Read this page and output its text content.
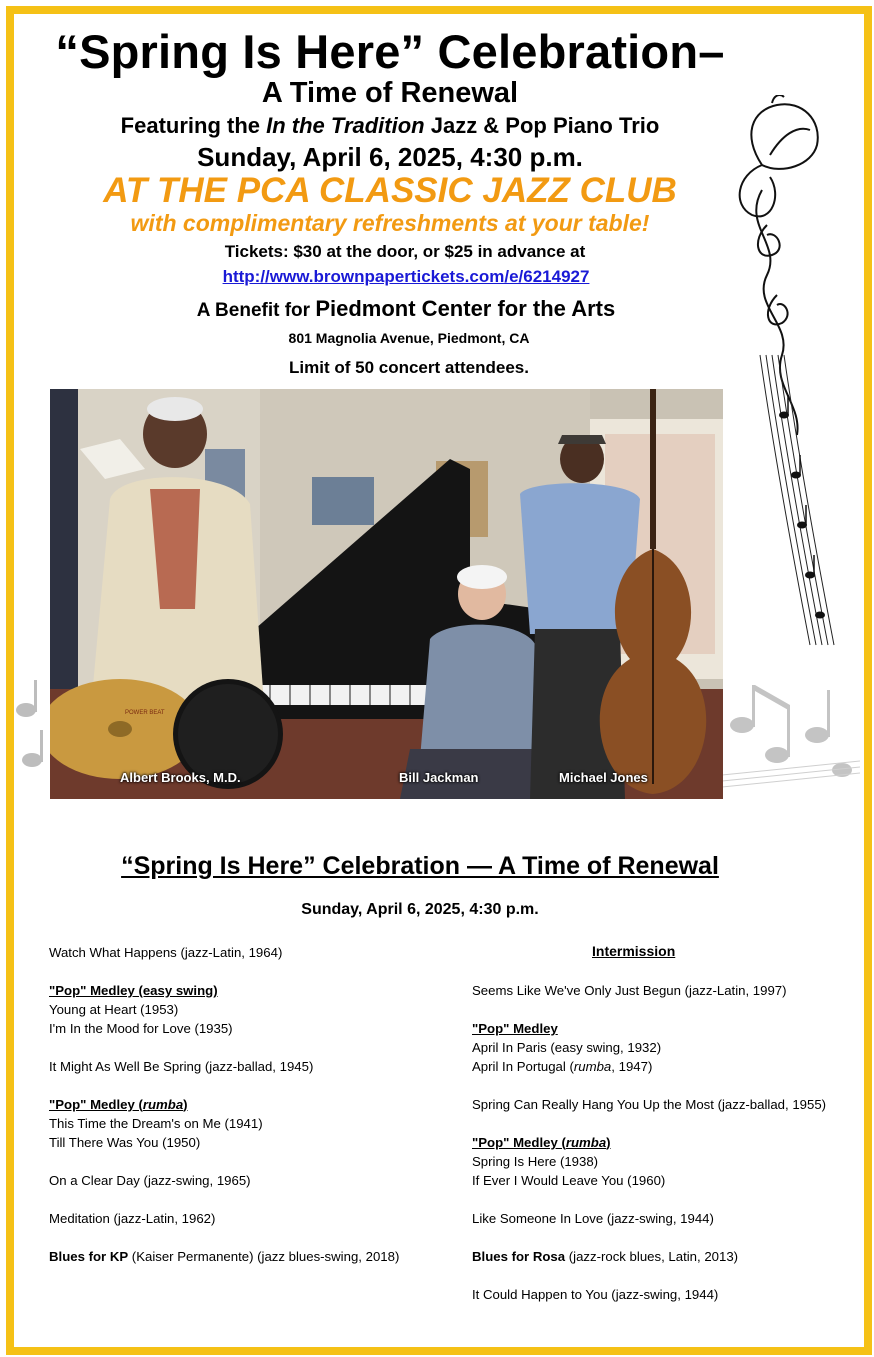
“Spring Is Here” Celebration–
A Time of Renewal
Featuring the In the Tradition Jazz & Pop Piano Trio
Sunday, April 6, 2025, 4:30 p.m.
AT THE PCA CLASSIC JAZZ CLUB
with complimentary refreshments at your table!
Tickets: $30 at the door, or $25 in advance at
http://www.brownpapertickets.com/e/6214927
A Benefit for Piedmont Center for the Arts
801 Magnolia Avenue, Piedmont, CA
Limit of 50 concert attendees.
POWER BEAT
Albert Brooks, M.D.	Bill Jackman	Michael Jones
“Spring Is Here” Celebration — A Time of Renewal
Sunday, April 6, 2025, 4:30 p.m.
Watch What Happens (jazz-Latin, 1964)
"Pop" Medley (easy swing)
Young at Heart (1953)
I'm In the Mood for Love (1935)
It Might As Well Be Spring (jazz-ballad, 1945)
"Pop" Medley (rumba)
This Time the Dream's on Me (1941)
Till There Was You (1950)
On a Clear Day (jazz-swing, 1965)
Meditation (jazz-Latin, 1962)
Blues for KP (Kaiser Permanente) (jazz blues-swing, 2018)
Intermission
Seems Like We've Only Just Begun (jazz-Latin, 1997)
"Pop" Medley
April In Paris (easy swing, 1932)
April In Portugal (rumba, 1947)
Spring Can Really Hang You Up the Most (jazz-ballad, 1955)
"Pop" Medley (rumba)
Spring Is Here (1938)
If Ever I Would Leave You (1960)
Like Someone In Love (jazz-swing, 1944)
Blues for Rosa (jazz-rock blues, Latin, 2013)
It Could Happen to You (jazz-swing, 1944)
